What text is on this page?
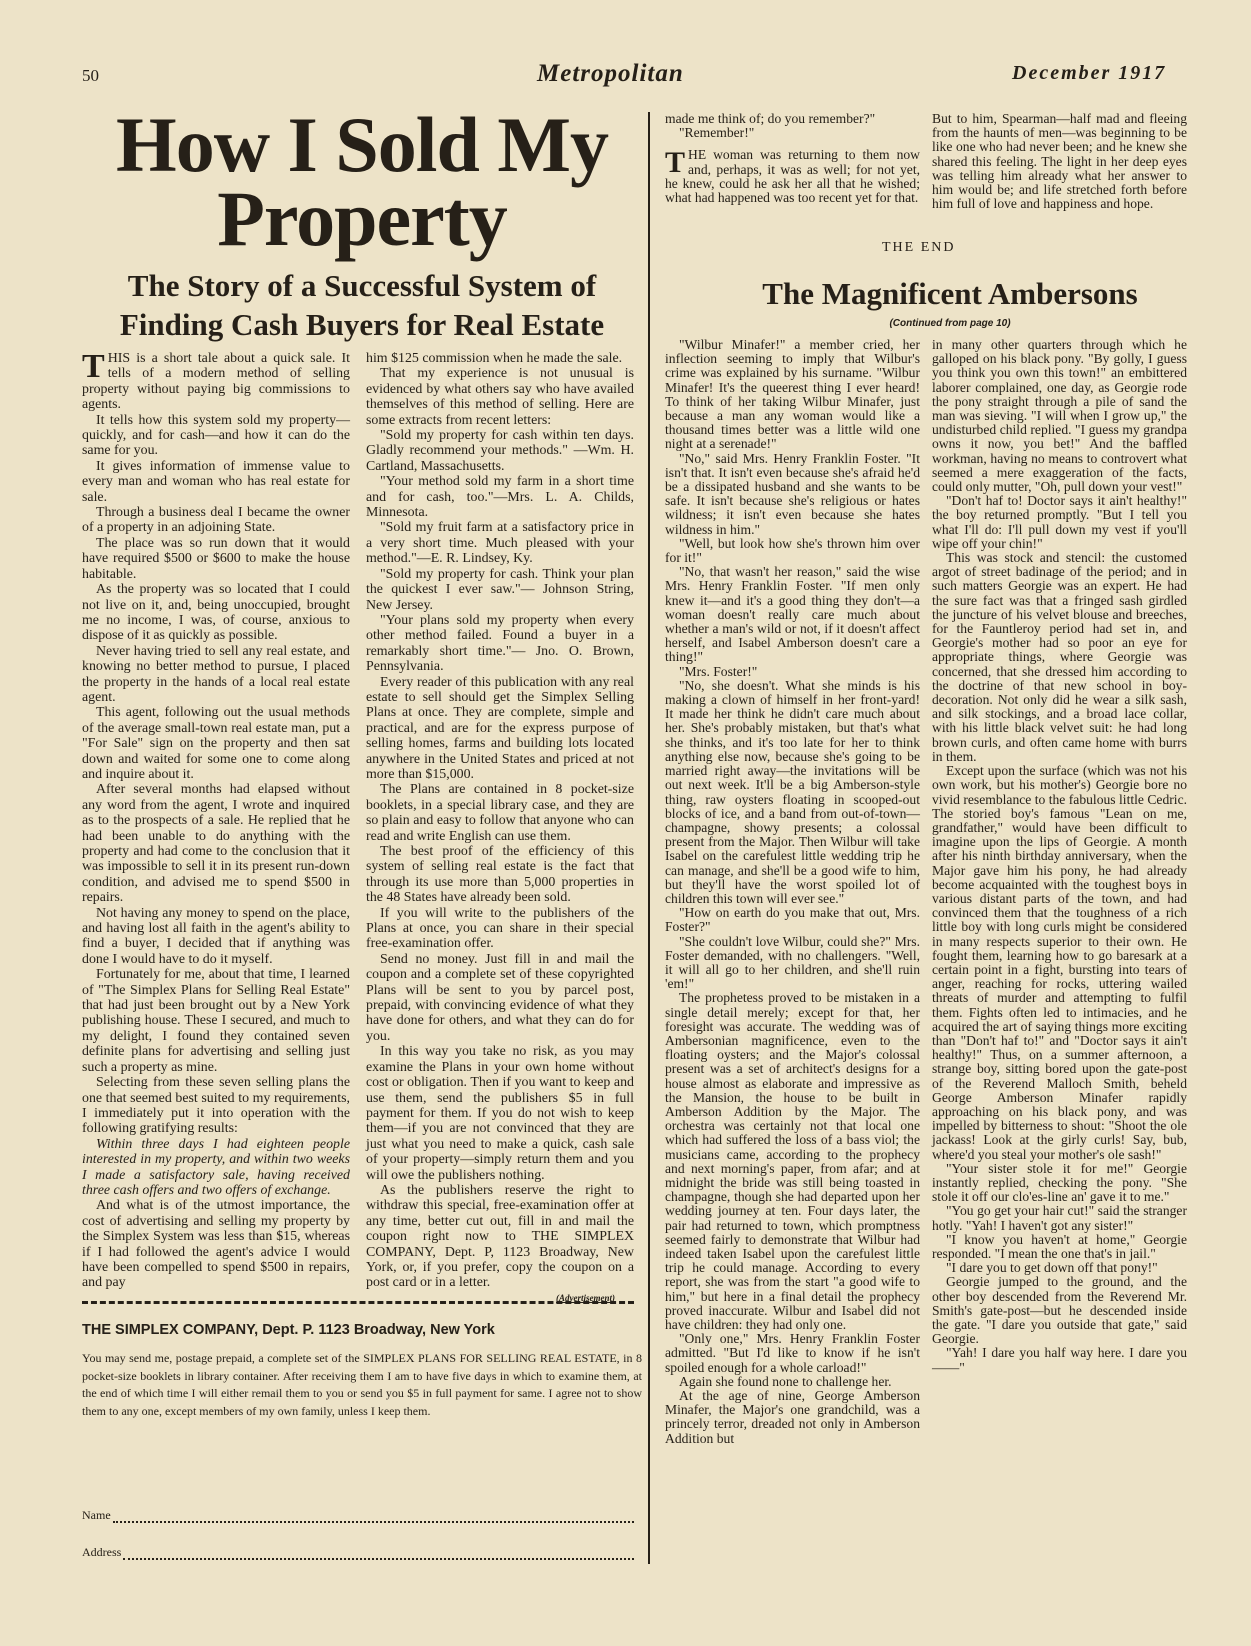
50	Metropolitan	December 1917
How I Sold My Property
The Story of a Successful System of Finding Cash Buyers for Real Estate

THIS is a short tale about a quick sale. It tells of a modern method of selling property without paying big commissions to agents.

It tells how this system sold my property—quickly, and for cash—and how it can do the same for you.

It gives information of immense value to every man and woman who has real estate for sale.

Through a business deal I became the owner of a property in an adjoining State.

The place was so run down that it would have required $500 or $600 to make the house habitable.

As the property was so located that I could not live on it, and, being unoccupied, brought me no income, I was, of course, anxious to dispose of it as quickly as possible.

Never having tried to sell any real estate, and knowing no better method to pursue, I placed the property in the hands of a local real estate agent.

This agent, following out the usual methods of the average small-town real estate man, put a "For Sale" sign on the property and then sat down and waited for some one to come along and inquire about it.

After several months had elapsed without any word from the agent, I wrote and inquired as to the prospects of a sale. He replied that he had been unable to do anything with the property and had come to the conclusion that it was impossible to sell it in its present run-down condition, and advised me to spend $500 in repairs.

Not having any money to spend on the place, and having lost all faith in the agent's ability to find a buyer, I decided that if anything was done I would have to do it myself.

Fortunately for me, about that time, I learned of "The Simplex Plans for Selling Real Estate" that had just been brought out by a New York publishing house. These I secured, and much to my delight, I found they contained seven definite plans for advertising and selling just such a property as mine.

Selecting from these seven selling plans the one that seemed best suited to my requirements, I immediately put it into operation with the following gratifying results:

Within three days I had eighteen people interested in my property, and within two weeks I made a satisfactory sale, having received three cash offers and two offers of exchange.

And what is of the utmost importance, the cost of advertising and selling my property by the Simplex System was less than $15, whereas if I had followed the agent's advice I would have been compelled to spend $500 in repairs, and pay

him $125 commission when he made the sale.

That my experience is not unusual is evidenced by what others say who have availed themselves of this method of selling. Here are some extracts from recent letters:

"Sold my property for cash within ten days. Gladly recommend your methods." —Wm. H. Cartland, Massachusetts.

"Your method sold my farm in a short time and for cash, too."—Mrs. L. A. Childs, Minnesota.

"Sold my fruit farm at a satisfactory price in a very short time. Much pleased with your method."—E. R. Lindsey, Ky.

"Sold my property for cash. Think your plan the quickest I ever saw."— Johnson String, New Jersey.

"Your plans sold my property when every other method failed. Found a buyer in a remarkably short time."— Jno. O. Brown, Pennsylvania.

Every reader of this publication with any real estate to sell should get the Simplex Selling Plans at once. They are complete, simple and practical, and are for the express purpose of selling homes, farms and building lots located anywhere in the United States and priced at not more than $15,000.

The Plans are contained in 8 pocket-size booklets, in a special library case, and they are so plain and easy to follow that anyone who can read and write English can use them.

The best proof of the efficiency of this system of selling real estate is the fact that through its use more than 5,000 properties in the 48 States have already been sold.

If you will write to the publishers of the Plans at once, you can share in their special free-examination offer.

Send no money. Just fill in and mail the coupon and a complete set of these copyrighted Plans will be sent to you by parcel post, prepaid, with convincing evidence of what they have done for others, and what they can do for you.

In this way you take no risk, as you may examine the Plans in your own home without cost or obligation. Then if you want to keep and use them, send the publishers $5 in full payment for them. If you do not wish to keep them—if you are not convinced that they are just what you need to make a quick, cash sale of your property—simply return them and you will owe the publishers nothing.

As the publishers reserve the right to withdraw this special, free-examination offer at any time, better cut out, fill in and mail the coupon right now to THE SIMPLEX COMPANY, Dept. P, 1123 Broadway, New York, or, if you prefer, copy the coupon on a post card or in a letter.

(Advertisement)
THE SIMPLEX COMPANY, Dept. P. 1123 Broadway, New York
You may send me, postage prepaid, a complete set of the SIMPLEX PLANS FOR SELLING REAL ESTATE, in 8 pocket-size booklets in library container. After receiving them I am to have five days in which to examine them, at the end of which time I will either remail them to you or send you $5 in full payment for same. I agree not to show them to any one, except members of my own family, unless I keep them.
Name
Address

made me think of; do you remember?"

"Remember!"

THE woman was returning to them now and, perhaps, it was as well; for not yet, he knew, could he ask her all that he wished; what had happened was too recent yet for that.

But to him, Spearman—half mad and fleeing from the haunts of men—was beginning to be like one who had never been; and he knew she shared this feeling. The light in her deep eyes was telling him already what her answer to him would be; and life stretched forth before him full of love and happiness and hope.

THE END
The Magnificent Ambersons
(Continued from page 10)

"Wilbur Minafer!" a member cried, her inflection seeming to imply that Wilbur's crime was explained by his surname. "Wilbur Minafer! It's the queerest thing I ever heard! To think of her taking Wilbur Minafer, just because a man any woman would like a thousand times better was a little wild one night at a serenade!"

"No," said Mrs. Henry Franklin Foster. "It isn't that. It isn't even because she's afraid he'd be a dissipated husband and she wants to be safe. It isn't because she's religious or hates wildness; it isn't even because she hates wildness in him."

"Well, but look how she's thrown him over for it!"

"No, that wasn't her reason," said the wise Mrs. Henry Franklin Foster. "If men only knew it—and it's a good thing they don't—a woman doesn't really care much about whether a man's wild or not, if it doesn't affect herself, and Isabel Amberson doesn't care a thing!"

"Mrs. Foster!"

"No, she doesn't. What she minds is his making a clown of himself in her front-yard! It made her think he didn't care much about her. She's probably mistaken, but that's what she thinks, and it's too late for her to think anything else now, because she's going to be married right away—the invitations will be out next week. It'll be a big Amberson-style thing, raw oysters floating in scooped-out blocks of ice, and a band from out-of-town—champagne, showy presents; a colossal present from the Major. Then Wilbur will take Isabel on the carefulest little wedding trip he can manage, and she'll be a good wife to him, but they'll have the worst spoiled lot of children this town will ever see."

"How on earth do you make that out, Mrs. Foster?"

"She couldn't love Wilbur, could she?" Mrs. Foster demanded, with no challengers. "Well, it will all go to her children, and she'll ruin 'em!"

The prophetess proved to be mistaken in a single detail merely; except for that, her foresight was accurate. The wedding was of Ambersonian magnificence, even to the floating oysters; and the Major's colossal present was a set of architect's designs for a house almost as elaborate and impressive as the Mansion, the house to be built in Amberson Addition by the Major. The orchestra was certainly not that local one which had suffered the loss of a bass viol; the musicians came, according to the prophecy and next morning's paper, from afar; and at midnight the bride was still being toasted in champagne, though she had departed upon her wedding journey at ten. Four days later, the pair had returned to town, which promptness seemed fairly to demonstrate that Wilbur had indeed taken Isabel upon the carefulest little trip he could manage. According to every report, she was from the start "a good wife to him," but here in a final detail the prophecy proved inaccurate. Wilbur and Isabel did not have children: they had only one.

"Only one," Mrs. Henry Franklin Foster admitted. "But I'd like to know if he isn't spoiled enough for a whole carload!"

Again she found none to challenge her.

At the age of nine, George Amberson Minafer, the Major's one grandchild, was a princely terror, dreaded not only in Amberson Addition but

in many other quarters through which he galloped on his black pony. "By golly, I guess you think you own this town!" an embittered laborer complained, one day, as Georgie rode the pony straight through a pile of sand the man was sieving. "I will when I grow up," the undisturbed child replied. "I guess my grandpa owns it now, you bet!" And the baffled workman, having no means to controvert what seemed a mere exaggeration of the facts, could only mutter, "Oh, pull down your vest!"

"Don't haf to! Doctor says it ain't healthy!" the boy returned promptly. "But I tell you what I'll do: I'll pull down my vest if you'll wipe off your chin!"

This was stock and stencil: the customed argot of street badinage of the period; and in such matters Georgie was an expert. He had the sure fact was that a fringed sash girdled the juncture of his velvet blouse and breeches, for the Fauntleroy period had set in, and Georgie's mother had so poor an eye for appropriate things, where Georgie was concerned, that she dressed him according to the doctrine of that new school in boy-decoration. Not only did he wear a silk sash, and silk stockings, and a broad lace collar, with his little black velvet suit: he had long brown curls, and often came home with burrs in them.

Except upon the surface (which was not his own work, but his mother's) Georgie bore no vivid resemblance to the fabulous little Cedric. The storied boy's famous "Lean on me, grandfather," would have been difficult to imagine upon the lips of Georgie. A month after his ninth birthday anniversary, when the Major gave him his pony, he had already become acquainted with the toughest boys in various distant parts of the town, and had convinced them that the toughness of a rich little boy with long curls might be considered in many respects superior to their own. He fought them, learning how to go baresark at a certain point in a fight, bursting into tears of anger, reaching for rocks, uttering wailed threats of murder and attempting to fulfil them. Fights often led to intimacies, and he acquired the art of saying things more exciting than "Don't haf to!" and "Doctor says it ain't healthy!" Thus, on a summer afternoon, a strange boy, sitting bored upon the gate-post of the Reverend Malloch Smith, beheld George Amberson Minafer rapidly approaching on his black pony, and was impelled by bitterness to shout: "Shoot the ole jackass! Look at the girly curls! Say, bub, where'd you steal your mother's ole sash!"

"Your sister stole it for me!" Georgie instantly replied, checking the pony. "She stole it off our clo'es-line an' gave it to me."

"You go get your hair cut!" said the stranger hotly. "Yah! I haven't got any sister!"

"I know you haven't at home," Georgie responded. "I mean the one that's in jail."

"I dare you to get down off that pony!"

Georgie jumped to the ground, and the other boy descended from the Reverend Mr. Smith's gate-post—but he descended inside the gate. "I dare you outside that gate," said Georgie.

"Yah! I dare you half way here. I dare you——"
